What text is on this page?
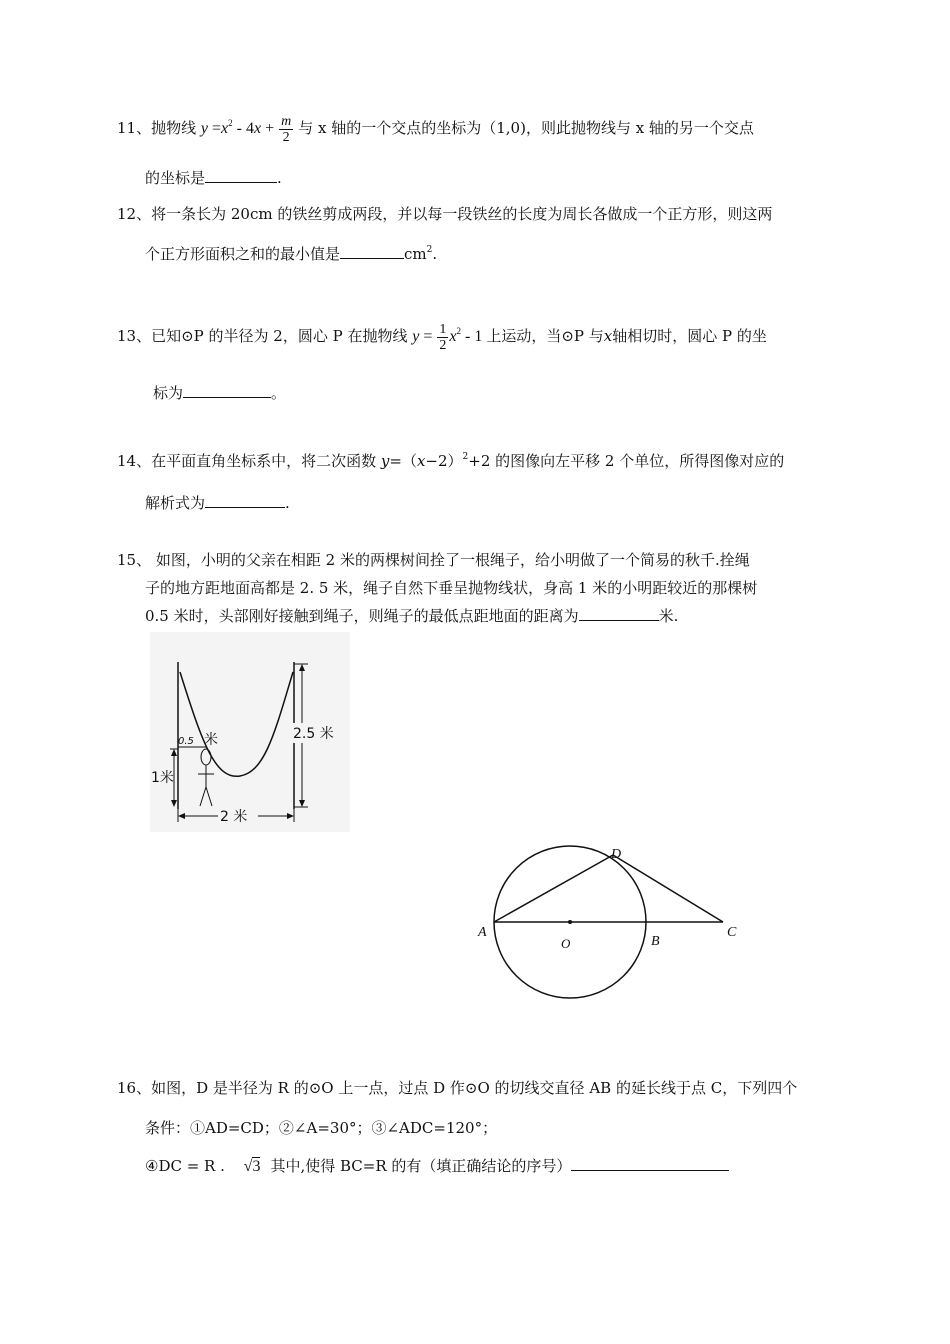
11、抛物线 $y =x^2 - 4x + \frac{m}{2}$ 与 x 轴的一个交点的坐标为（1,0)，则此抛物线与 x 轴的另一个交点
的坐标是	.
12、将一条长为 20cm 的铁丝剪成两段，并以每一段铁丝的长度为周长各做成一个正方形，则这两
个正方形面积之和的最小值是	$cm^2$.
13、已知⊙P 的半径为 2，圆心 P 在抛物线 $y = \frac{1}{2} x^2 - 1$ 上运动，当⊙P 与x轴相切时，圆心 P 的坐
标为	。
14、在平面直角坐标系中，将二次函数 $y=(x-2)^2+2$ 的图像向左平移 2 个单位，所得图像对应的
解析式为	.
15、 如图，小明的父亲在相距 2 米的两棵树间拴了一根绳子，给小明做了一个简易的秋千.拴绳
子的地方距地面高都是 2. 5 米，绳子自然下垂呈抛物线状，身高 1 米的小明距较近的那棵树
0.5 米时，头部刚好接触到绳子，则绳子的最低点距地面的距离为	米.
0.5 米
1米
2.5 米
2 米
A
O	B
C
D
16、如图，D 是半径为 R 的⊙O 上一点，过点 D 作⊙O 的切线交直径 AB 的延长线于点 C，下列四个
条件：①AD=CD；②∠A=30°；③∠ADC=120°；
④DC = R . √3 其中,使得 BC=R 的有（填正确结论的序号）
